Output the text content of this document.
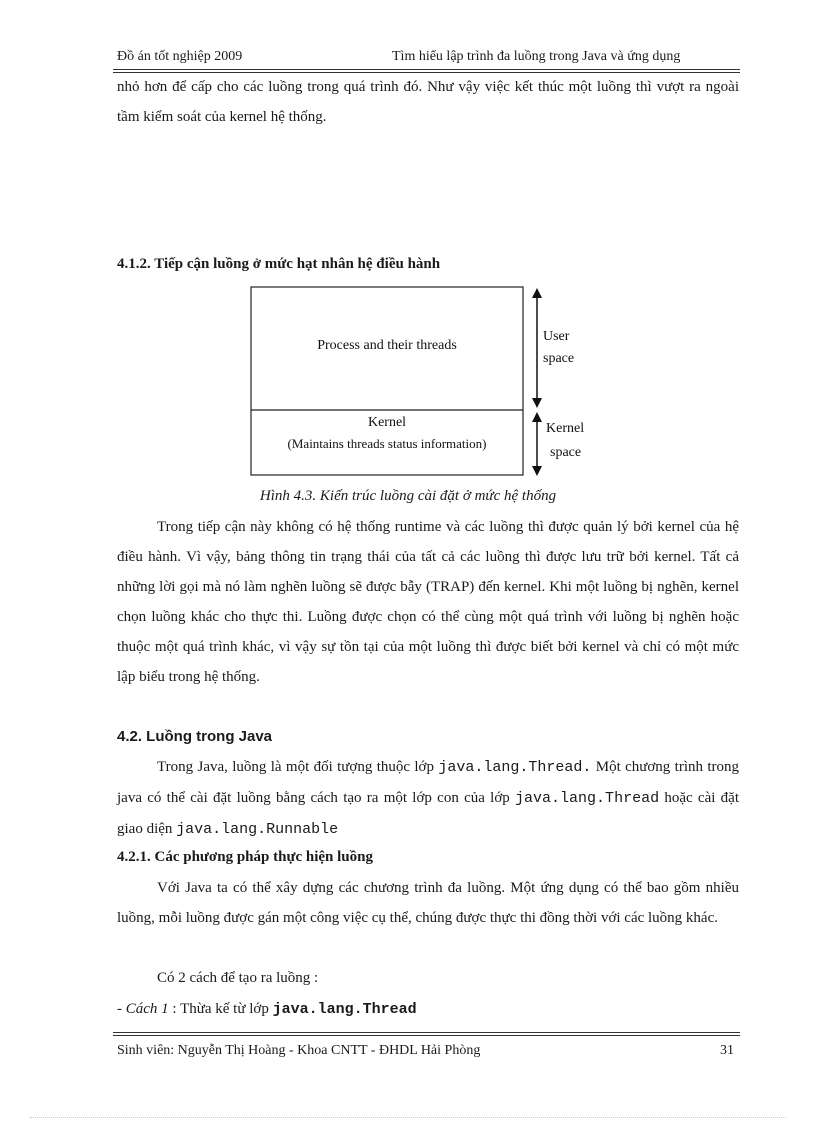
Đồ án tốt nghiệp 2009	Tìm hiểu lập trình đa luồng trong Java và ứng dụng
nhỏ hơn để cấp cho các luồng trong quá trình đó. Như vậy việc kết thúc một luồng thì vượt ra ngoài tầm kiểm soát của kernel hệ thống.
4.1.2. Tiếp cận luồng ở mức hạt nhân hệ điều hành
Process and their threads
Kernel
(Maintains threads status information)
User
space
Kernel
space
Hình 4.3. Kiến trúc luồng cài đặt ở mức hệ thống
Trong tiếp cận này không có hệ thống runtime và các luồng thì được quản lý bởi kernel của hệ điều hành. Vì vậy, bảng thông tin trạng thái của tất cả các luồng thì được lưu trữ bởi kernel. Tất cả những lời gọi mà nó làm nghẽn luồng sẽ được bẫy (TRAP) đến kernel. Khi một luồng bị nghẽn, kernel chọn luồng khác cho thực thi. Luồng được chọn có thể cùng một quá trình với luồng bị nghẽn hoặc thuộc một quá trình khác, vì vậy sự tồn tại của một luồng thì được biết bởi kernel và chỉ có một mức lập biểu trong hệ thống.
4.2. Luồng trong Java
Trong Java, luồng là một đối tượng thuộc lớp java.lang.Thread. Một chương trình trong java có thể cài đặt luồng bằng cách tạo ra một lớp con của lớp java.lang.Thread hoặc cài đặt giao diện java.lang.Runnable
4.2.1. Các phương pháp thực hiện luồng
Với Java ta có thể xây dựng các chương trình đa luồng. Một ứng dụng có thể bao gồm nhiều luồng, mỗi luồng được gán một công việc cụ thể, chúng được thực thi đồng thời với các luồng khác.
Có 2 cách để tạo ra luồng :
- Cách 1 : Thừa kế từ lớp java.lang.Thread
Sinh viên: Nguyễn Thị Hoàng - Khoa CNTT - ĐHDL Hải Phòng	31
